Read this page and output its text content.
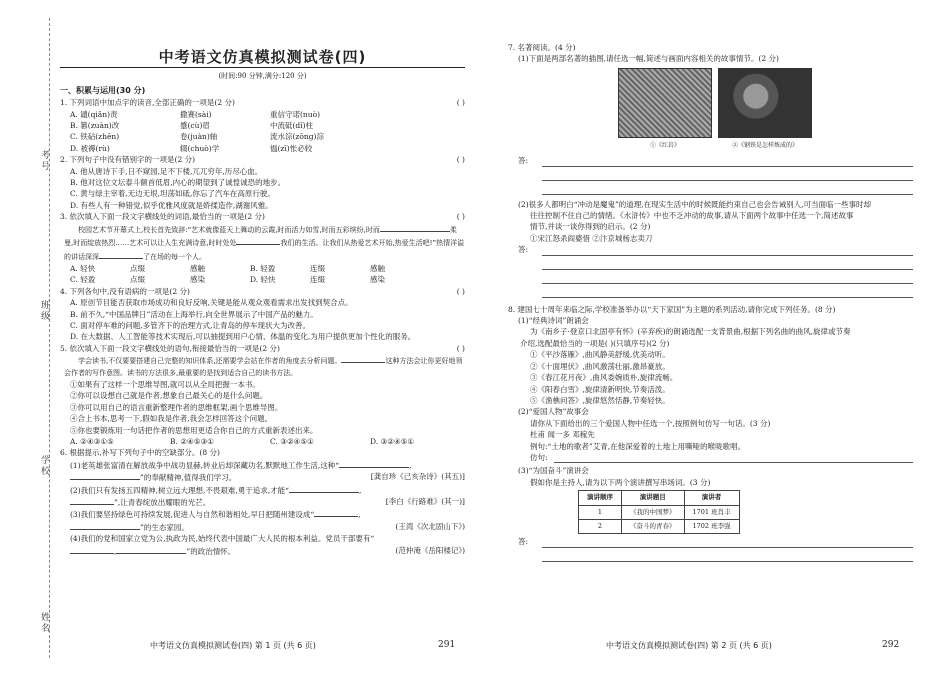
考号
班级
学校
姓名
中考语文仿真模拟测试卷(四)
(时间:90 分钟,满分:120 分)
一、积累与运用(30 分)
1. 下列词语中加点字的读音,全部正确的一项是(2 分)	( )
A. 谴(qiǎn)责	撒赛(sài)	重信守诺(nuò)
B. 篡(zuàn)改	蹙(cù)眉	中流砥(dǐ)柱
C. 铁砧(zhēn)	卷(juàn)轴	流水淙(zōng)淙
D. 被褥(rù)	辍(chuò)学	愠(zī)怅必较
2. 下列句子中没有错别字的一项是(2 分)	( )
A. 他从唐诗下手,日不窥园,足不下楼,兀兀穷年,历尽心血。
B. 他对这位文坛泰斗额首低眉,内心的期望到了诚惶诚恐的地步。
C. 黄与绿主宰着,无边无垠,坦荡如砥,你忘了汽车在高原行驶。
D. 有些人有一种错觉,似乎优雅风度就是娇揉造作,湖谢风雅。
3. 依次填入下面一段文字横线处的词语,最恰当的一项是(2 分)	( )
校园艺术节开幕式上,校长首先致辞:“艺术就像蓝天上舞动的云霞,时而活力如雪,时而五彩缤纷,时而	柔曼,时而绽放热烈……艺术可以让人生充满诗意,时时处处	我们的生活。让我们从热爱艺术开始,热爱生活吧!”热情洋溢的讲话深深	了在场的每一个人。
A. 轻快	点缀	感触	B. 轻盈	连缀	感触
C. 轻盈	点缀	感染	D. 轻快	连缀	感染
4. 下列各句中,没有语病的一项是(2 分)	( )
A. 原创节目能否获取市场成功和良好反响,关键是能从观众观看需求出发找到契合点。
B. 前不久,“中国品牌日”活动在上海举行,向全世界展示了中国产品的魅力。
C. 面对停车难的问题,多管齐下的治理方式,让青岛的停车现状大为改善。
D. 在大数据、人工智能等技术实现后,可以抽提到用户心情、体温的变化,为用户提供更加个性化的服务。
5. 依次填入下面一段文字横线处的语句,衔接最恰当的一项是(2 分)	( )
学会读书,不仅要要搭建自己完整的知识体系,还需要学会站在作者的角度去分析问题。	这种方法会让你更好地领会作者的写作意图。读书的方法很多,最重要的是找到适合自己的读书方法。
①如果有了这样一个思维导图,就可以从全局把握一本书。
②你可以设想自己就是作者,想象自己最关心的是什么问题。
③你可以用自己的语言重新整理作者的思维框架,画个思维导图。
④合上书本,思考一下,假如我是作者,我会怎样回答这个问题。
⑤你也要锻炼用一句话把作者的思想用更适合你自己的方式重新表述出来。
A. ②④③①⑤	B. ②④⑤③①	C. ③②④⑤①	D. ③②④⑤①
6. 根据提示,补写下列句子中的空缺部分。(8 分)
(1)老英雄张富清在解放战争中战功显赫,转业后却深藏功名,默默地工作生活,这种“	,
”的奉献精神,值得我们学习。	[龚自珍《己亥杂诗》(其五)]
(2)我们只有发扬五四精神,树立远大理想,不畏艰难,勇于追求,才能“	,
”,让青春绽放出耀眼的光芒。	[李白《行路难》(其一)]
(3)我们要坚持绿色可持续发展,促进人与自然和谐相处,早日把随州建设成“	,
”的生态家园。	(王湾《次北固山下》)
(4)我们的党和国家立党为公,执政为民,始终代表中国最广大人民的根本利益。党员干部要有“
,	”的政治情怀。	(范仲淹《岳阳楼记》)
中考语文仿真模拟测试卷(四) 第 1 页 (共 6 页)	291
7. 名著阅读。(4 分)
(1)下面是两部名著的插图,请任选一幅,简述与画面内容相关的故事情节。(2 分)
①《红岩》	②《钢铁是怎样炼成的》
答:
(2)很多人都明白“冲动是魔鬼”的道理,在现实生活中的时候既能约束自己也会告诫别人,可当面临一些事时却
往往控制不住自己的情绪。《水浒传》中也不乏冲动的故事,请从下面两个故事中任选一个,简述故事
情节,并谈一谈你得到的启示。(2 分)
①宋江怒杀阎婆惜 ②汴京城杨志卖刀
答:
8. 建国七十周年来临之际,学校准备举办以“天下家国”为主题的系列活动,请你完成下列任务。(8 分)
(1)“经典诗词”朗诵会
为《南乡子·登京口北固亭有怀》(辛弃疾)的朗诵选配一支背景曲,根据下列名曲的曲风,旋律或节奏
介绍,选配最恰当的一项是( )(只填序号)(2 分)
①《平沙落雁》,曲风静美舒缓,优美动听。
②《十面埋伏》,曲风激荡壮丽,激昂豪放。
③《春江花月夜》,曲风委婉质朴,旋律流畅。
④《阳春白雪》,旋律清新明快,节奏活泼。
⑤《渔樵问答》,旋律悠然恬静,节奏轻快。
(2)“爱国人物”故事会
请你从下面给出的三个爱国人物中任选一个,按照例句仿写一句话。(3 分)
杜甫 闻一多 邓稼先
例句:“土地的歌者”艾青,在他深爱着的土地上用嘶哑的喉咙歌唱。
仿句:
(3)“为国奋斗”演讲会
假如你是主持人,请为以下两个演讲撰写串场词。(3 分)
演讲顺序	演讲题目	演讲者
1	《我的中国梦》	1701 班肖丰
2	《奋斗的青春》	1702 班李强
答:
中考语文仿真模拟测试卷(四) 第 2 页 (共 6 页)	292
